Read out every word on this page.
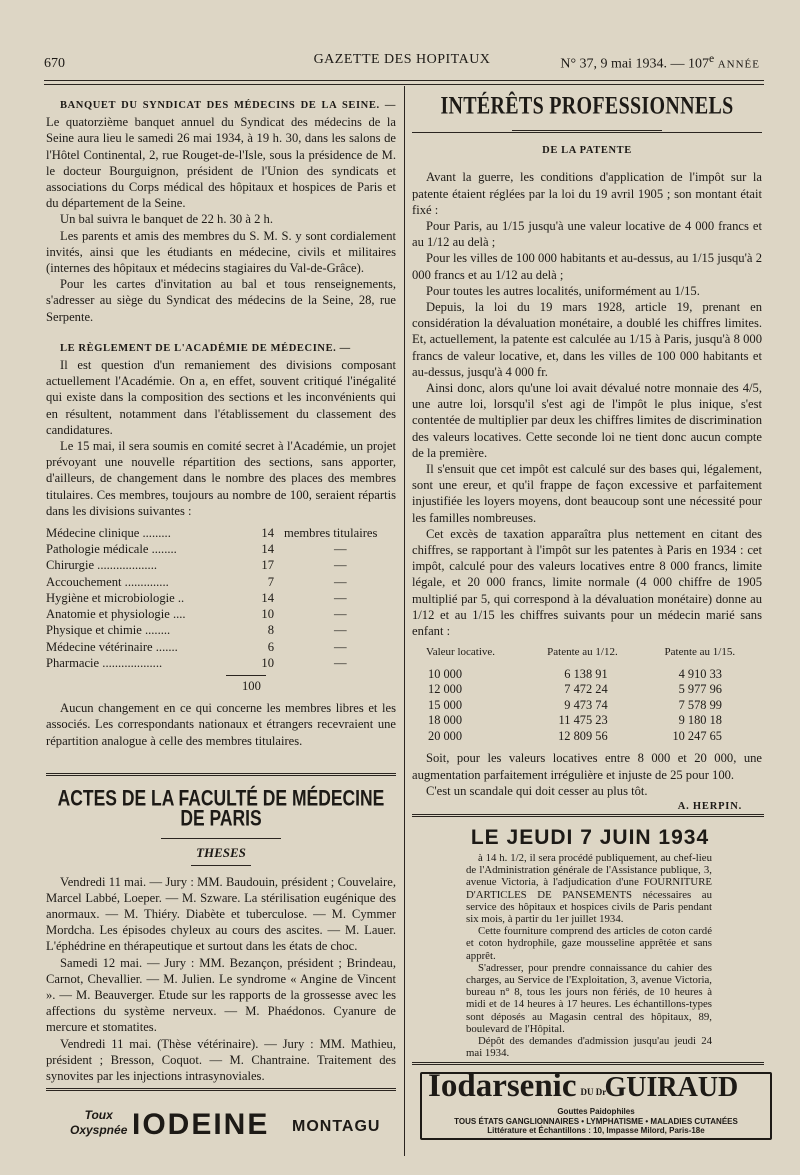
670	GAZETTE DES HOPITAUX	N° 37, 9 mai 1934. — 107e ANNÉE

BANQUET DU SYNDICAT DES MÉDECINS DE LA SEINE. — Le quatorzième banquet annuel du Syndicat des médecins de la Seine aura lieu le samedi 26 mai 1934, à 19 h. 30, dans les salons de l'Hôtel Continental, 2, rue Rouget-de-l'Isle, sous la présidence de M. le docteur Bourguignon, président de l'Union des syndicats et associations du Corps médical des hôpitaux et hospices de Paris et du département de la Seine.

Un bal suivra le banquet de 22 h. 30 à 2 h.

Les parents et amis des membres du S. M. S. y sont cordialement invités, ainsi que les étudiants en médecine, civils et militaires (internes des hôpitaux et médecins stagiaires du Val-de-Grâce).

Pour les cartes d'invitation au bal et tous renseignements, s'adresser au siège du Syndicat des médecins de la Seine, 28, rue Serpente.

LE RÈGLEMENT DE L'ACADÉMIE DE MÉDECINE. —

Il est question d'un remaniement des divisions composant actuellement l'Académie. On a, en effet, souvent critiqué l'inégalité qui existe dans la composition des sections et les inconvénients qui en résultent, notamment dans l'établissement du classement des candidatures.

Le 15 mai, il sera soumis en comité secret à l'Académie, un projet prévoyant une nouvelle répartition des sections, sans apporter, d'ailleurs, de changement dans le nombre des places des membres titulaires. Ces membres, toujours au nombre de 100, seraient répartis dans les divisions suivantes :

Médecine clinique .........	14	membres titulaires
Pathologie médicale ........	14	—
Chirurgie ...................	17	—
Accouchement ..............	7	—
Hygiène et microbiologie ..	14	—
Anatomie et physiologie ....	10	—
Physique et chimie ........	8	—
Médecine vétérinaire .......	6	—
Pharmacie ...................	10	—
100

Aucun changement en ce qui concerne les membres libres et les associés. Les correspondants nationaux et étrangers recevraient une répartition analogue à celle des membres titulaires.

ACTES DE LA FACULTÉ DE MÉDECINE DE PARIS
THESES

Vendredi 11 mai. — Jury : MM. Baudouin, président ; Couvelaire, Marcel Labbé, Loeper. — M. Szware. La stérilisation eugénique des anormaux. — M. Thiéry. Diabète et tuberculose. — M. Cymmer Mordcha. Les épisodes chyleux au cours des ascites. — M. Lauer. L'éphédrine en thérapeutique et surtout dans les états de choc.

Samedi 12 mai. — Jury : MM. Bezançon, président ; Brindeau, Carnot, Chevallier. — M. Julien. Le syndrome « Angine de Vincent ». — M. Beauverger. Etude sur les rapports de la grossesse avec les affections du système nerveux. — M. Phaédonos. Cyanure de mercure et stomatites.

Vendredi 11 mai. (Thèse vétérinaire). — Jury : MM. Mathieu, président ; Bresson, Coquot. — M. Chantraine. Traitement des synovites par les injections intrasynoviales.

Toux
Oxyspnée IODEINE MONTAGU
INTÉRÊTS PROFESSIONNELS
DE LA PATENTE

Avant la guerre, les conditions d'application de l'impôt sur la patente étaient réglées par la loi du 19 avril 1905 ; son montant était fixé :

Pour Paris, au 1/15 jusqu'à une valeur locative de 4 000 francs et au 1/12 au delà ;

Pour les villes de 100 000 habitants et au-dessus, au 1/15 jusqu'à 2 000 francs et au 1/12 au delà ;

Pour toutes les autres localités, uniformément au 1/15.

Depuis, la loi du 19 mars 1928, article 19, prenant en considération la dévaluation monétaire, a doublé les chiffres limites. Et, actuellement, la patente est calculée au 1/15 à Paris, jusqu'à 8 000 francs de valeur locative, et, dans les villes de 100 000 habitants et au-dessus, jusqu'à 4 000 fr.

Ainsi donc, alors qu'une loi avait dévalué notre monnaie des 4/5, une autre loi, lorsqu'il s'est agi de l'impôt le plus inique, s'est contentée de multiplier par deux les chiffres limites de discrimination des valeurs locatives. Cette seconde loi ne tient donc aucun compte de la première.

Il s'ensuit que cet impôt est calculé sur des bases qui, légalement, sont une ereur, et qu'il frappe de façon excessive et parfaitement injustifiée les loyers moyens, dont beaucoup sont une nécessité pour les familles nombreuses.

Cet excès de taxation apparaîtra plus nettement en citant des chiffres, se rapportant à l'impôt sur les patentes à Paris en 1934 : cet impôt, calculé pour des valeurs locatives entre 8 000 francs, limite légale, et 20 000 francs, limite normale (4 000 chiffre de 1905 multiplié par 5, qui correspond à la dévaluation monétaire) donne au 1/12 et au 1/15 les chiffres suivants pour un médecin marié sans enfant :

Valeur locative.	Patente au 1/12.	Patente au 1/15.
10 000	6 138 91	4 910 33
12 000	7 472 24	5 977 96
15 000	9 473 74	7 578 99
18 000	11 475 23	9 180 18
20 000	12 809 56	10 247 65

Soit, pour les valeurs locatives entre 8 000 et 20 000, une augmentation parfaitement irrégulière et injuste de 25 pour 100.

C'est un scandale qui doit cesser au plus tôt.

A. HERPIN.
LE JEUDI 7 JUIN 1934

à 14 h. 1/2, il sera procédé publiquement, au chef-lieu de l'Administration générale de l'Assistance publique, 3, avenue Victoria, à l'adjudication d'une FOURNITURE D'ARTICLES DE PANSEMENTS nécessaires au service des hôpitaux et hospices civils de Paris pendant six mois, à partir du 1er juillet 1934.

Cette fourniture comprend des articles de coton cardé et coton hydrophile, gaze mousseline apprêtée et sans apprêt.

S'adresser, pour prendre connaissance du cahier des charges, au Service de l'Exploitation, 3, avenue Victoria, bureau n° 8, tous les jours non fériés, de 10 heures à midi et de 14 heures à 17 heures. Les échantillons-types sont déposés au Magasin central des hôpitaux, 89, boulevard de l'Hôpital.

Dépôt des demandes d'admission jusqu'au jeudi 24 mai 1934.

Iodarsenic DU Dr GUIRAUD
Gouttes Paidophiles
TOUS ÉTATS GANGLIONNAIRES • LYMPHATISME • MALADIES CUTANÉES
Littérature et Échantillons : 10, Impasse Milord, Paris-18e
